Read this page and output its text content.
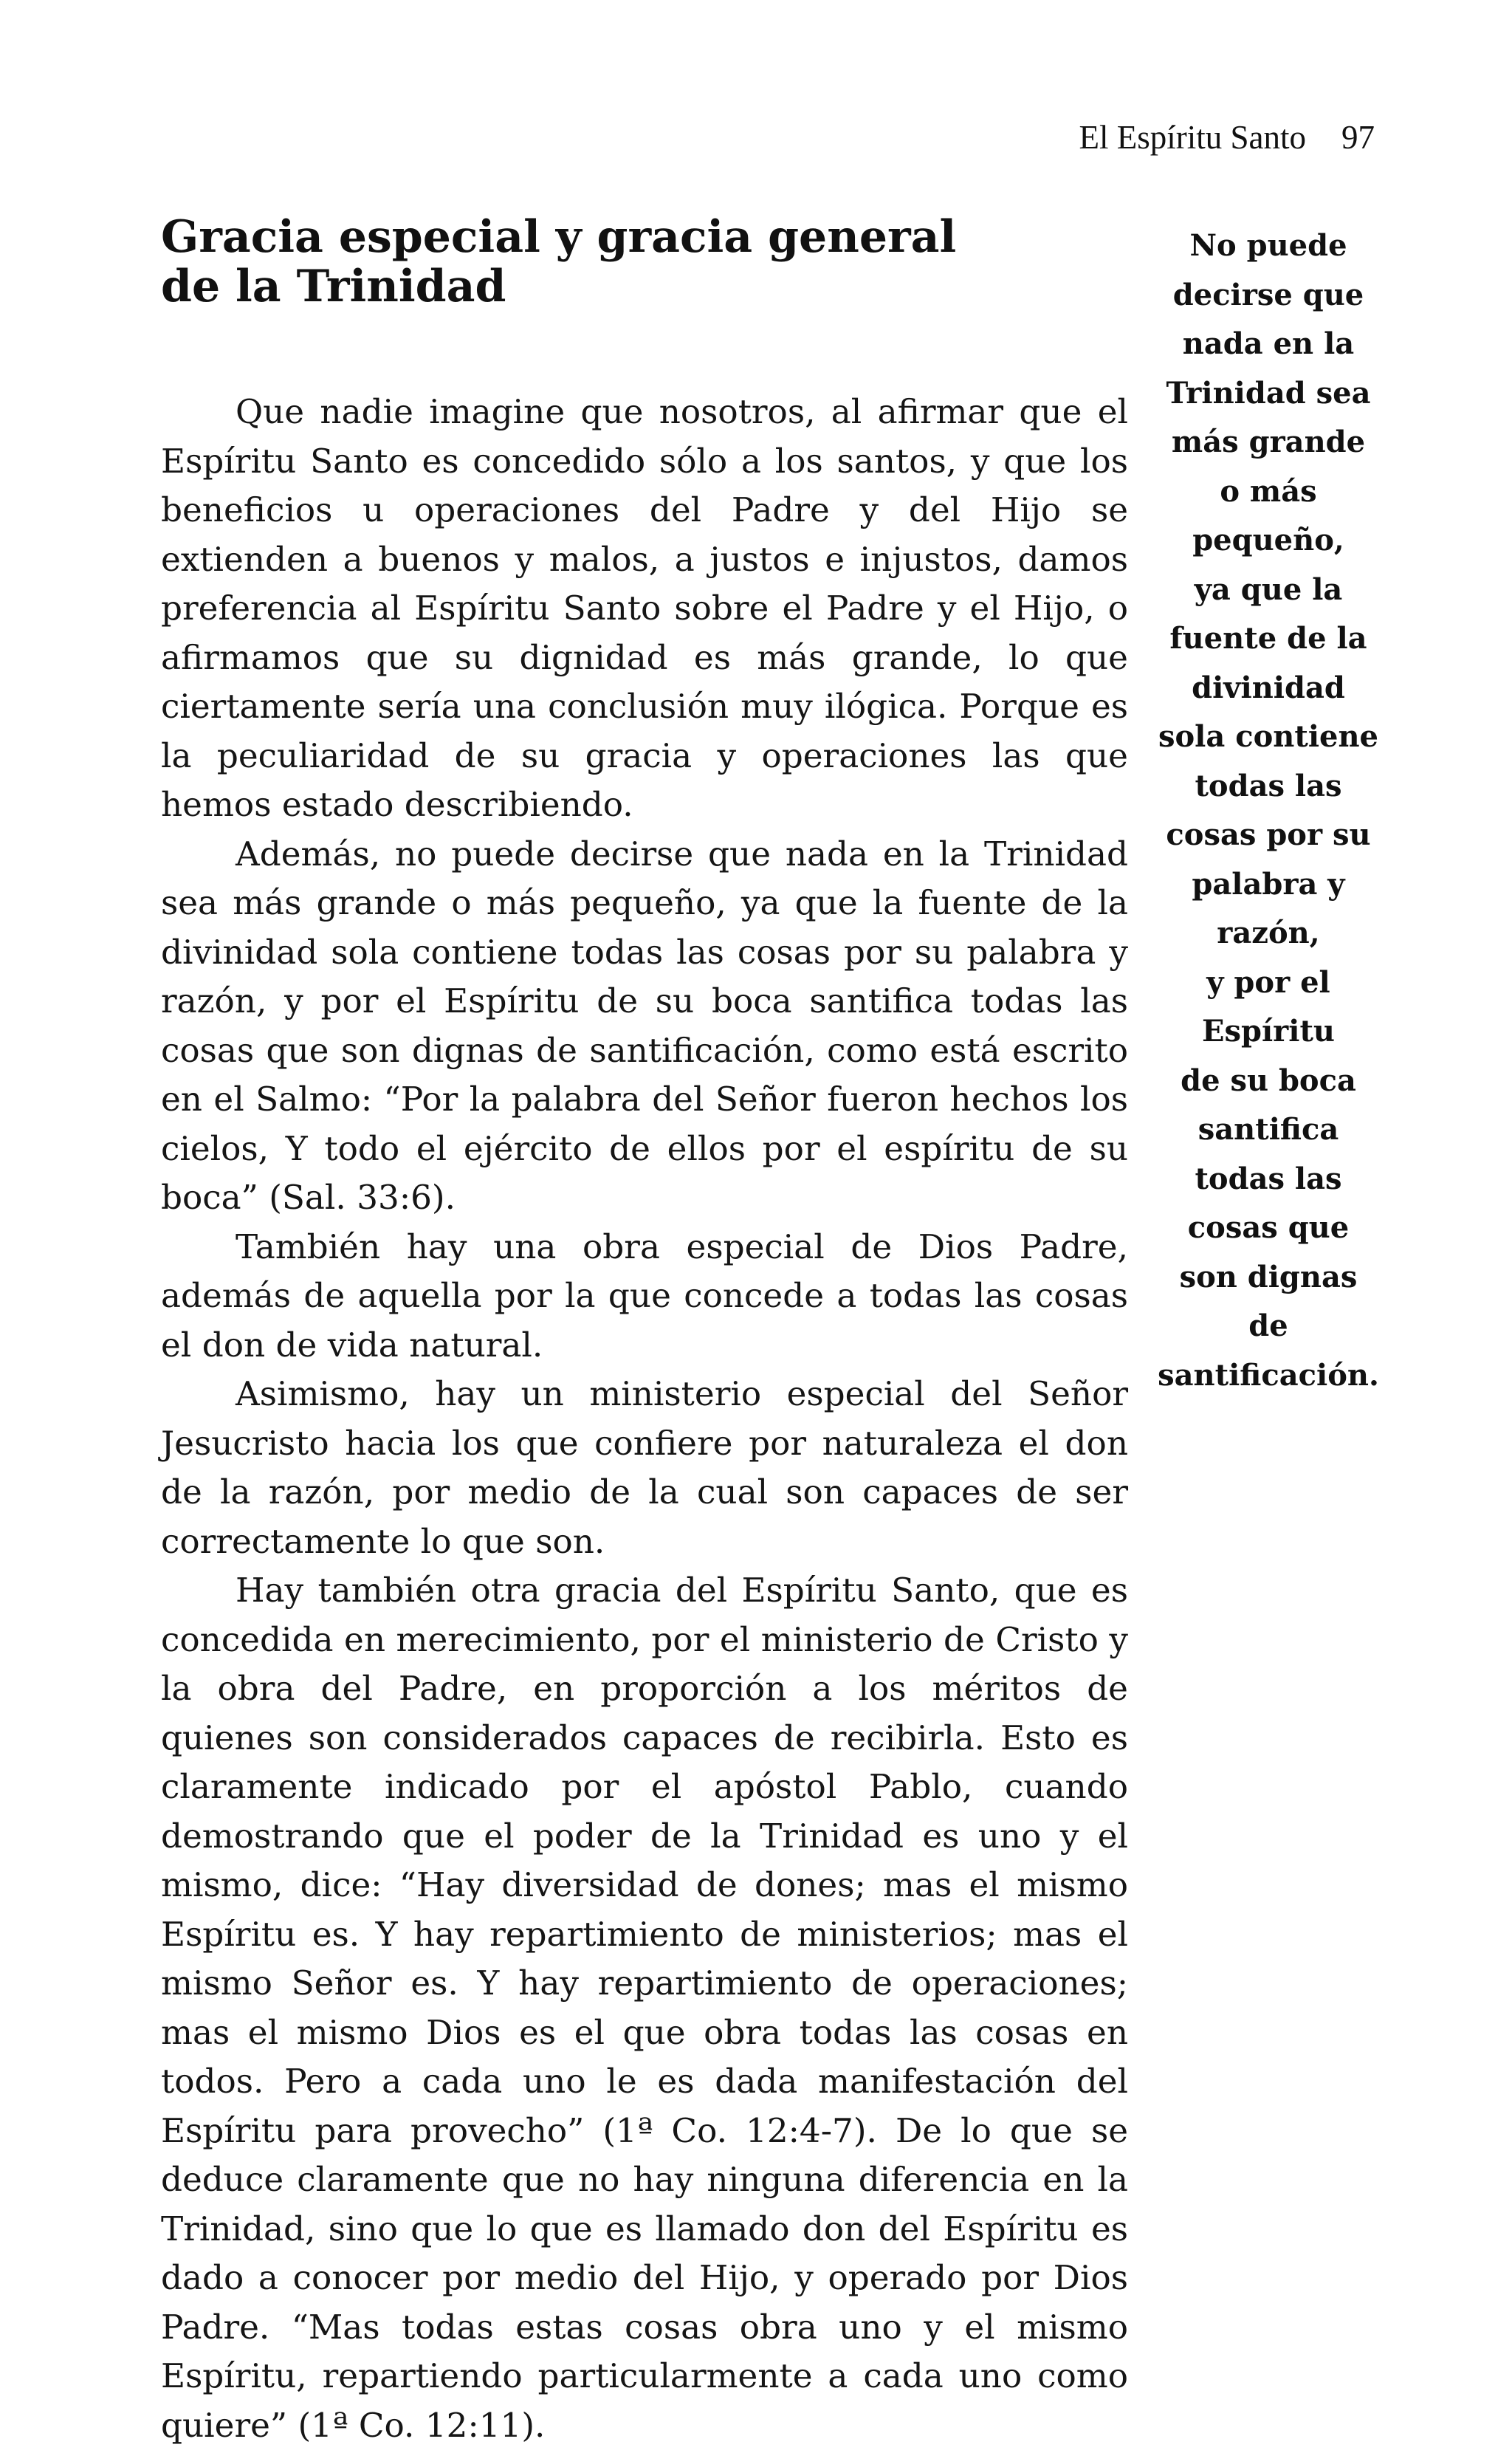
El Espíritu Santo 97
Gracia especial y gracia general
de la Trinidad

Que nadie imagine que nosotros, al afirmar que el Espíritu Santo es concedido sólo a los santos, y que los beneficios u operaciones del Padre y del Hijo se extienden a buenos y malos, a justos e injustos, damos preferencia al Espíritu Santo sobre el Padre y el Hijo, o afirmamos que su dignidad es más grande, lo que ciertamente sería una conclusión muy ilógica. Porque es la peculiaridad de su gracia y operaciones las que hemos estado describiendo.

Además, no puede decirse que nada en la Trinidad sea más grande o más pequeño, ya que la fuente de la divinidad sola contiene todas las cosas por su palabra y razón, y por el Espíritu de su boca santifica todas las cosas que son dignas de santificación, como está escrito en el Salmo: “Por la palabra del Señor fueron hechos los cielos, Y todo el ejército de ellos por el espíritu de su boca” (Sal. 33:6).

También hay una obra especial de Dios Padre, además de aquella por la que concede a todas las cosas el don de vida natural.

Asimismo, hay un ministerio especial del Señor Jesucristo hacia los que confiere por naturaleza el don de la razón, por medio de la cual son capaces de ser correctamente lo que son.

Hay también otra gracia del Espíritu Santo, que es concedida en merecimiento, por el ministerio de Cristo y la obra del Padre, en proporción a los méritos de quienes son considerados capaces de recibirla. Esto es claramente indicado por el apóstol Pablo, cuando demostrando que el poder de la Trinidad es uno y el mismo, dice: “Hay diversidad de dones; mas el mismo Espíritu es. Y hay repartimiento de ministerios; mas el mismo Señor es. Y hay repartimiento de operaciones; mas el mismo Dios es el que obra todas las cosas en todos. Pero a cada uno le es dada manifestación del Espíritu para provecho” (1ª Co. 12:4-7). De lo que se deduce claramente que no hay ninguna diferencia en la Trinidad, sino que lo que es llamado don del Espíritu es dado a conocer por medio del Hijo, y operado por Dios Padre. “Mas todas estas cosas obra uno y el mismo Espíritu, repartiendo particularmente a cada uno como quiere” (1ª Co. 12:11).

No puede
decirse que
nada en la
Trinidad sea
más grande
o más
pequeño,
ya que la
fuente de la
divinidad
sola contiene
todas las
cosas por su
palabra y
razón,
y por el
Espíritu
de su boca
santifica
todas las
cosas que
son dignas
de
santificación.
